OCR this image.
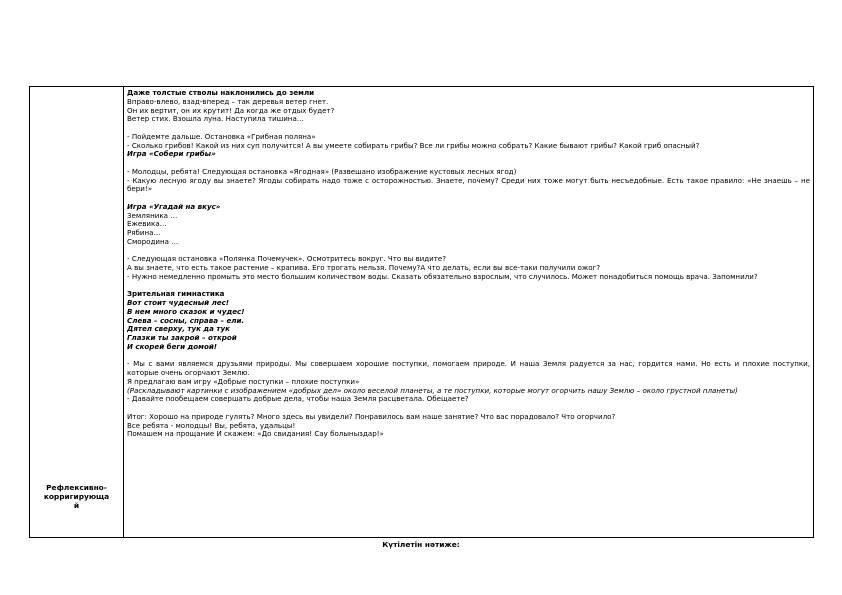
Рефлексивно-
корригирующа
й
Даже толстые стволы наклонились до земли
Вправо-влево, взад-вперед – так деревья ветер гнет.
Он их вертит, он их крутит! Да когда же отдых будет?
Ветер стих. Взошла луна. Наступила тишина…
- Пойдемте дальше. Остановка «Грибная поляна»
- Сколько грибов! Какой из них суп получится! А вы умеете собирать грибы? Все ли грибы можно собрать? Какие бывают грибы? Какой гриб опасный?
Игра «Собери грибы»
- Молодцы, ребята! Следующая остановка «Ягодная» (Развешано изображение кустовых лесных ягод)
- Какую лесную ягоду вы знаете? Ягоды собирать надо тоже с осторожностью. Знаете, почему? Среди них тоже могут быть несъедобные. Есть такое правило: «Не знаешь – не бери!»
Игра «Угадай на вкус»
Земляника …
Ежевика…
Рябина…
Смородина …
- Следующая остановка «Полянка Почемучек». Осмотритесь вокруг. Что вы видите?
А вы знаете, что есть такое растение – крапива. Его трогать нельзя. Почему?А что делать, если вы все-таки получили ожог?
- Нужно немедленно промыть это место большим количеством воды. Сказать обязательно взрослым, что случилось. Может понадобиться помощь врача. Запомнили?
Зрительная гимнастика
Вот стоит чудесный лес!
В нем много сказок и чудес!
Слева – сосны, справа – ели.
Дятел сверху, тук да тук
Глазки ты закрой – открой
И скорей беги домой!
- Мы с вами являемся друзьями природы. Мы совершаем хорошие поступки, помогаем природе. И наша Земля радуется за нас, гордится нами. Но есть и плохие поступки, которые очень огорчают Землю.
Я предлагаю вам игру «Добрые поступки – плохие поступки»
(Раскладывают картинки с изображением «добрых дел» около веселой планеты, а те поступки, которые могут огорчить нашу Землю – около грустной планеты)
- Давайте пообещаем совершать добрые дела, чтобы наша Земля расцветала. Обещаете?
Итог: Хорошо на природе гулять? Много здесь вы увидели? Понравилось вам наше занятие? Что вас порадовало? Что огорчило?
Все ребята - молодцы! Вы, ребята, удальцы!
Помашем на прощание И скажем: «До свидания! Сау болыныздар!»
Күтілетін нәтиже:
